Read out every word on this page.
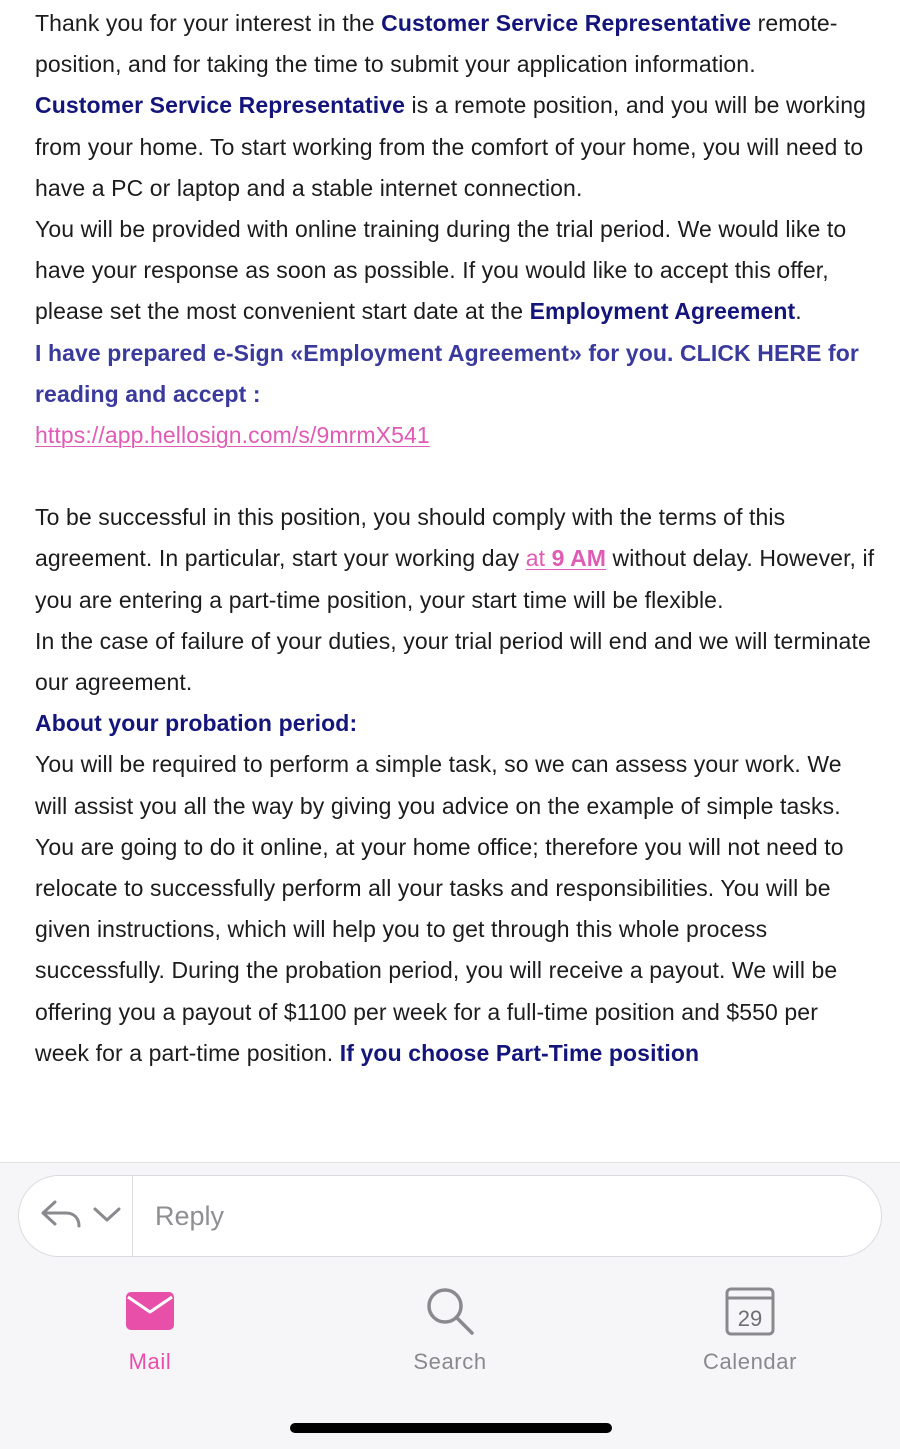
Thank you for your interest in the Customer Service Representative remote-position, and for taking the time to submit your application information.

Customer Service Representative is a remote position, and you will be working from your home. To start working from the comfort of your home, you will need to have a PC or laptop and a stable internet connection.

You will be provided with online training during the trial period. We would like to have your response as soon as possible. If you would like to accept this offer, please set the most convenient start date at the Employment Agreement.

I have prepared e-Sign «Employment Agreement» for you. CLICK HERE for reading and accept :

https://app.hellosign.com/s/9mrmX541

To be successful in this position, you should comply with the terms of this agreement. In particular, start your working day at 9 AM without delay. However, if you are entering a part-time position, your start time will be flexible.

In the case of failure of your duties, your trial period will end and we will terminate our agreement.

About your probation period:

You will be required to perform a simple task, so we can assess your work. We will assist you all the way by giving you advice on the example of simple tasks. You are going to do it online, at your home office; therefore you will not need to relocate to successfully perform all your tasks and responsibilities. You will be given instructions, which will help you to get through this whole process successfully. During the probation period, you will receive a payout. We will be offering you a payout of $1100 per week for a full-time position and $550 per week for a part-time position. If you choose Part-Time position

Reply
Mail	Search
29
Calendar
